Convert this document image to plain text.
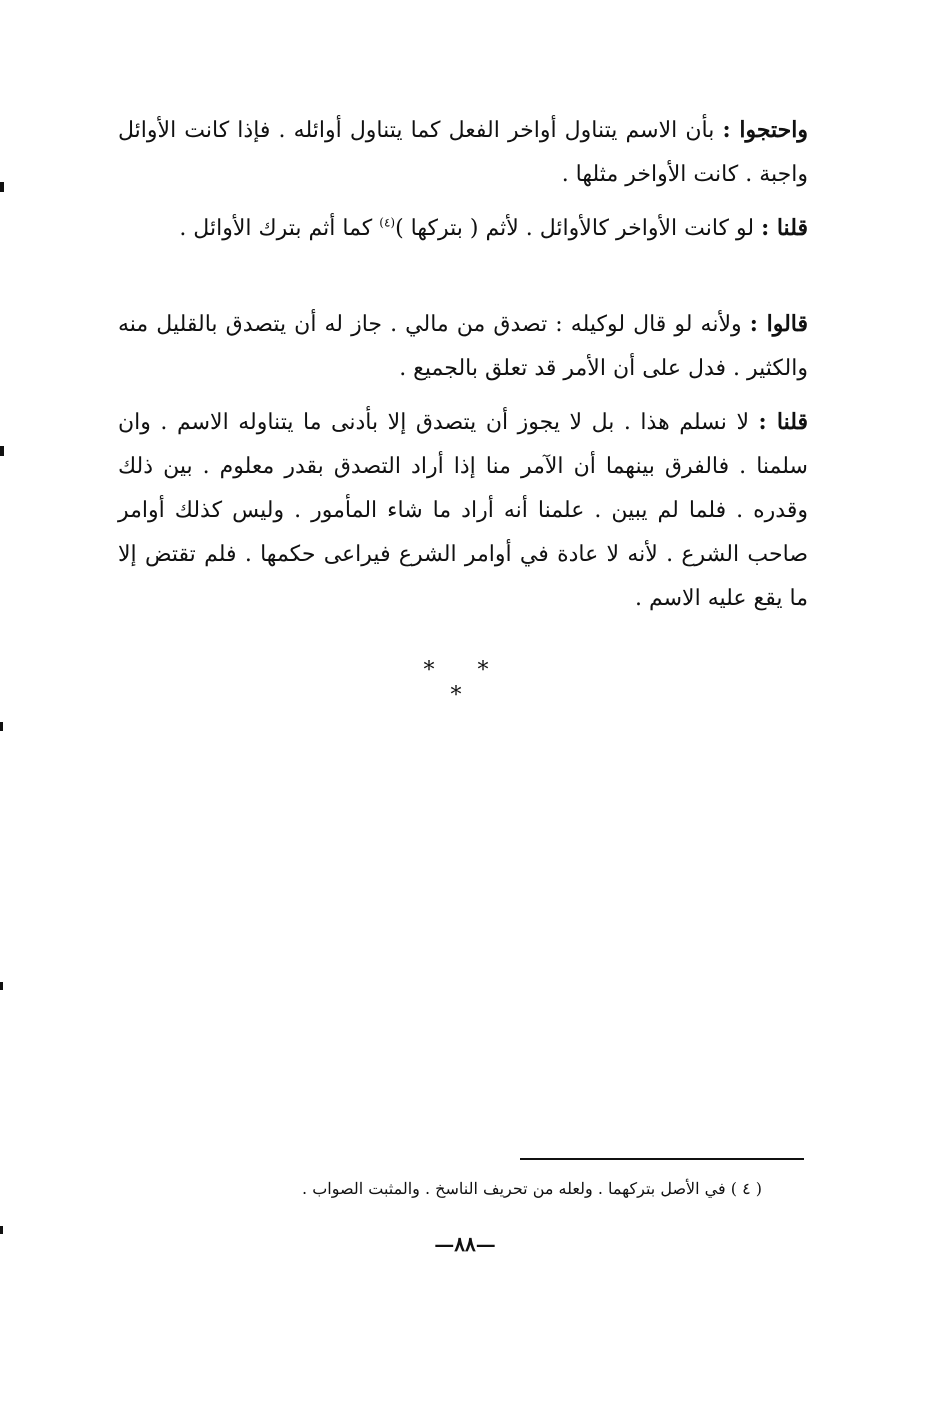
واحتجوا : بأن الاسم يتناول أواخر الفعل كما يتناول أوائله . فإذا كانت الأوائل واجبة . كانت الأواخر مثلها .

قلنا : لو كانت الأواخر كالأوائل . لأثم ( بتركها )$^{(٤)}$ كما أثم بترك الأوائل .

قالوا : ولأنه لو قال لوكيله : تصدق من مالي . جاز له أن يتصدق بالقليل منه والكثير . فدل على أن الأمر قد تعلق بالجميع .

قلنا : لا نسلم هذا . بل لا يجوز أن يتصدق إلا بأدنى ما يتناوله الاسم . وان سلمنا . فالفرق بينهما أن الآمر منا إذا أراد التصدق بقدر معلوم . بين ذلك وقدره . فلما لم يبين . علمنا أنه أراد ما شاء المأمور . وليس كذلك أوامر صاحب الشرع . لأنه لا عادة في أوامر الشرع فيراعى حكمها . فلم تقتض إلا ما يقع عليه الاسم .

* * *
( ٤ ) في الأصل بتركهما . ولعله من تحريف الناسخ . والمثبت الصواب .
—٨٨—
